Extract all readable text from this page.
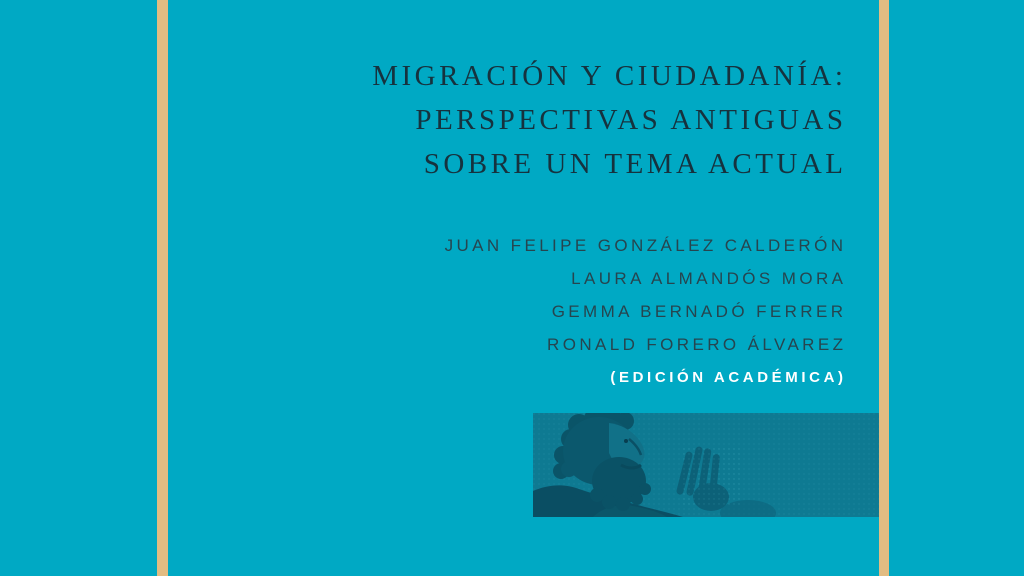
MIGRACIÓN Y CIUDADANÍA:
PERSPECTIVAS ANTIGUAS
SOBRE UN TEMA ACTUAL
JUAN FELIPE GONZÁLEZ CALDERÓN
LAURA ALMANDÓS MORA
GEMMA BERNADÓ FERRER
RONALD FORERO ÁLVAREZ
(EDICIÓN ACADÉMICA)
